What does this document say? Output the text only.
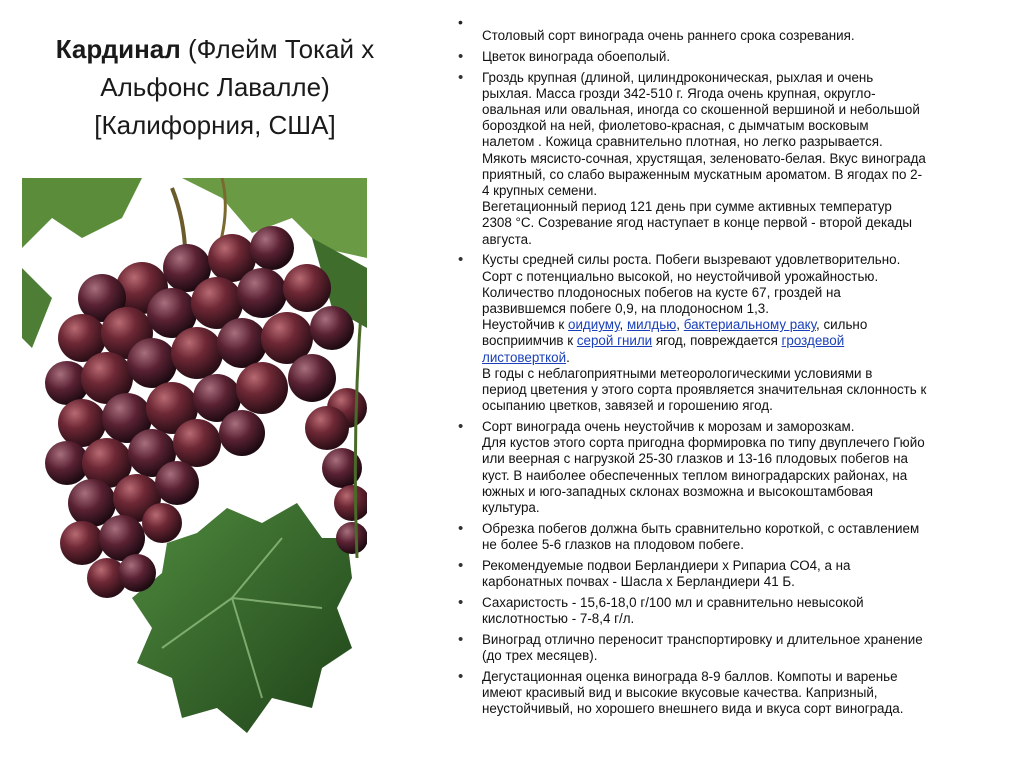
Кардинал (Флейм Токай х
Альфонс Лавалле)
[Калифорния, США]
•
Столовый сорт винограда очень раннего срока созревания.
• Цветок винограда обоеполый.
• Гроздь крупная (длиной, цилиндроконическая, рыхлая и очень
рыхлая. Масса грозди 342-510 г. Ягода очень крупная, округло-
овальная или овальная, иногда со скошенной вершиной и небольшой
бороздкой на ней, фиолетово-красная, с дымчатым восковым
налетом . Кожица сравнительно плотная, но легко разрывается.
Мякоть мясисто-сочная, хрустящая, зеленовато-белая. Вкус винограда
приятный, со слабо выраженным мускатным ароматом. В ягодах по 2-
4 крупных семени.
Вегетационный период 121 день при сумме активных температур
2308 °С. Созревание ягод наступает в конце первой - второй декады
августа.
• Кусты средней силы роста. Побеги вызревают удовлетворительно.
Сорт с потенциально высокой, но неустойчивой урожайностью.
Количество плодоносных побегов на кусте 67, гроздей на
развившемся побеге 0,9, на плодоносном 1,3.
Неустойчив к оидиуму, милдью, бактериальному раку, сильно
восприимчив к серой гнили ягод, повреждается гроздевой
листоверткой.
В годы с неблагоприятными метеорологическими условиями в
период цветения у этого сорта проявляется значительная склонность к
осыпанию цветков, завязей и горошению ягод.
• Сорт винограда очень неустойчив к морозам и заморозкам.
Для кустов этого сорта пригодна формировка по типу двуплечего Гюйо
или веерная с нагрузкой 25-30 глазков и 13-16 плодовых побегов на
куст. В наиболее обеспеченных теплом виноградарских районах, на
южных и юго-западных склонах возможна и высокоштамбовая
культура.
• Обрезка побегов должна быть сравнительно короткой, с оставлением
не более 5-6 глазков на плодовом побеге.
• Рекомендуемые подвои Берландиери х Рипариа СО4, а на
карбонатных почвах - Шасла х Берландиери 41 Б.
• Сахаристость - 15,6-18,0 г/100 мл и сравнительно невысокой
кислотностью - 7-8,4 г/л.
• Виноград отлично переносит транспортировку и длительное хранение
(до трех месяцев).
• Дегустационная оценка винограда 8-9 баллов. Компоты и варенье
имеют красивый вид и высокие вкусовые качества. Капризный,
неустойчивый, но хорошего внешнего вида и вкуса сорт винограда.
